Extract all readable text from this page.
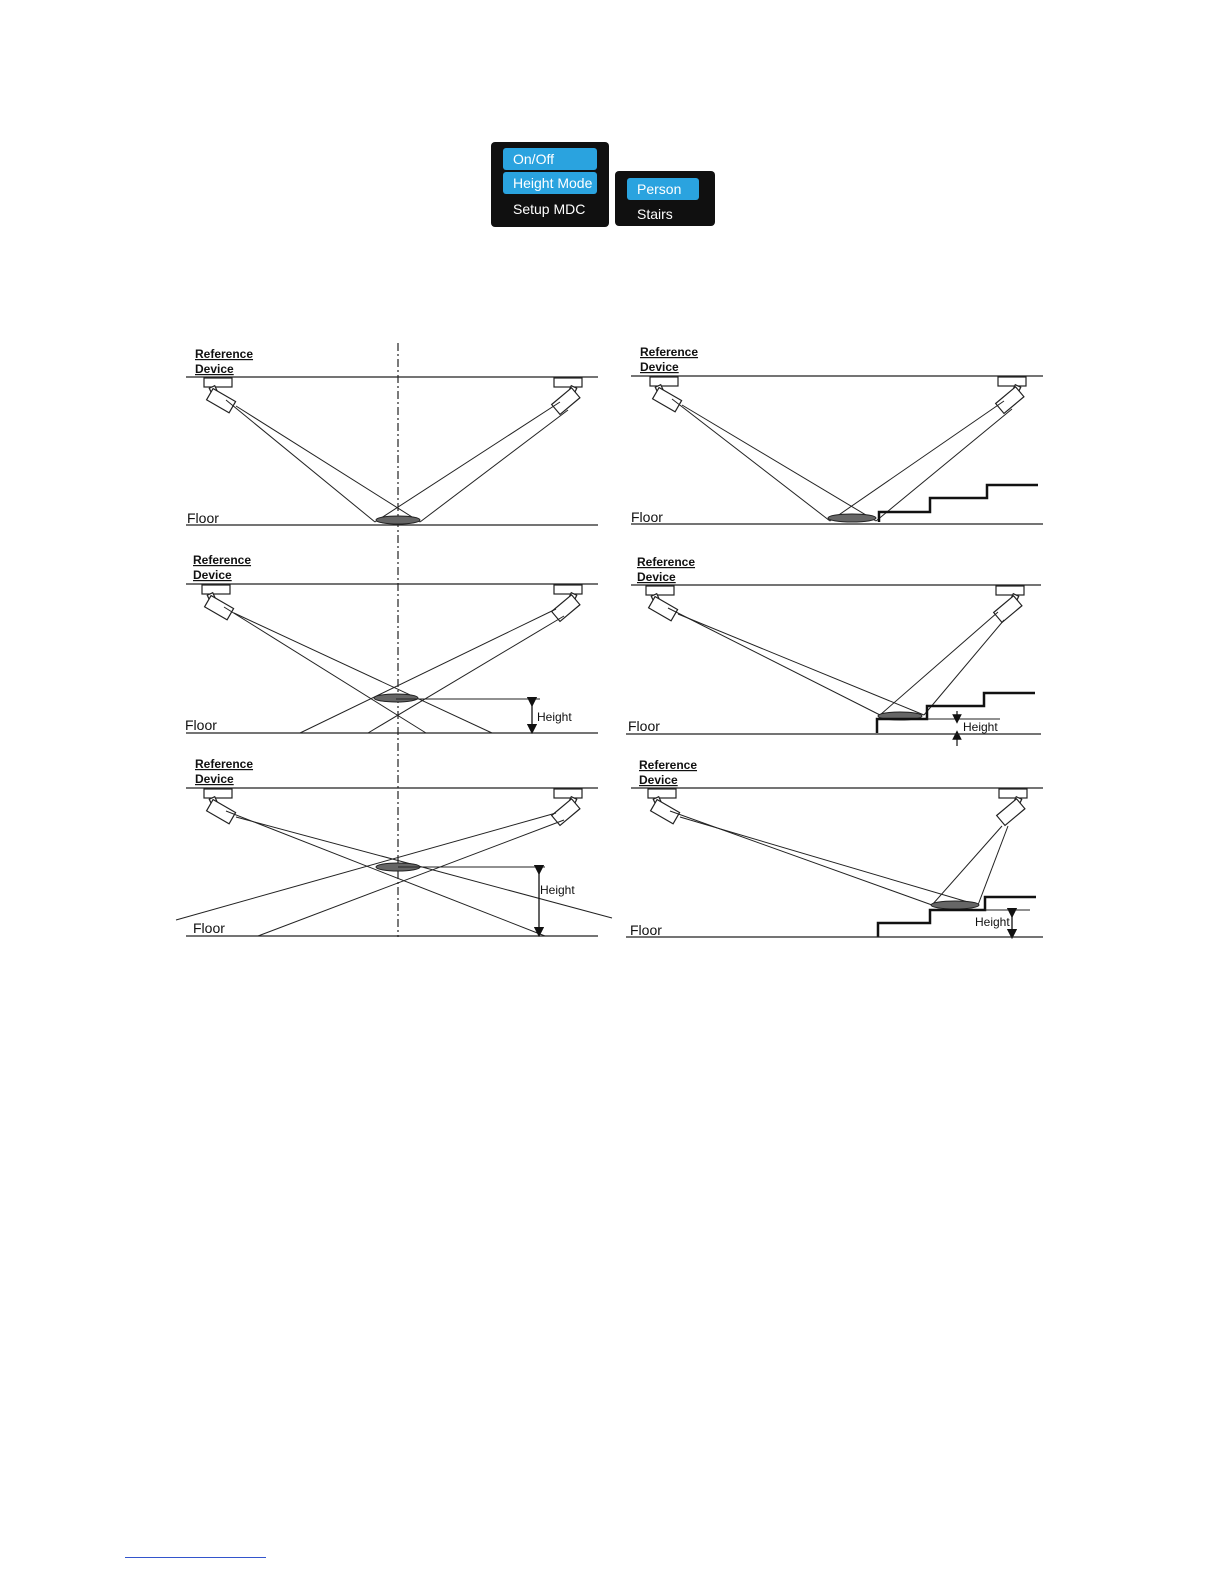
On/Off
Height Mode
Setup MDC
Person
Stairs
Reference
Device
Floor
Reference
Device
Height
Floor
Reference
Device
Height
Floor
Reference
Device
Floor
Reference
Device
Height
Floor
Reference
Device
Height
Floor
